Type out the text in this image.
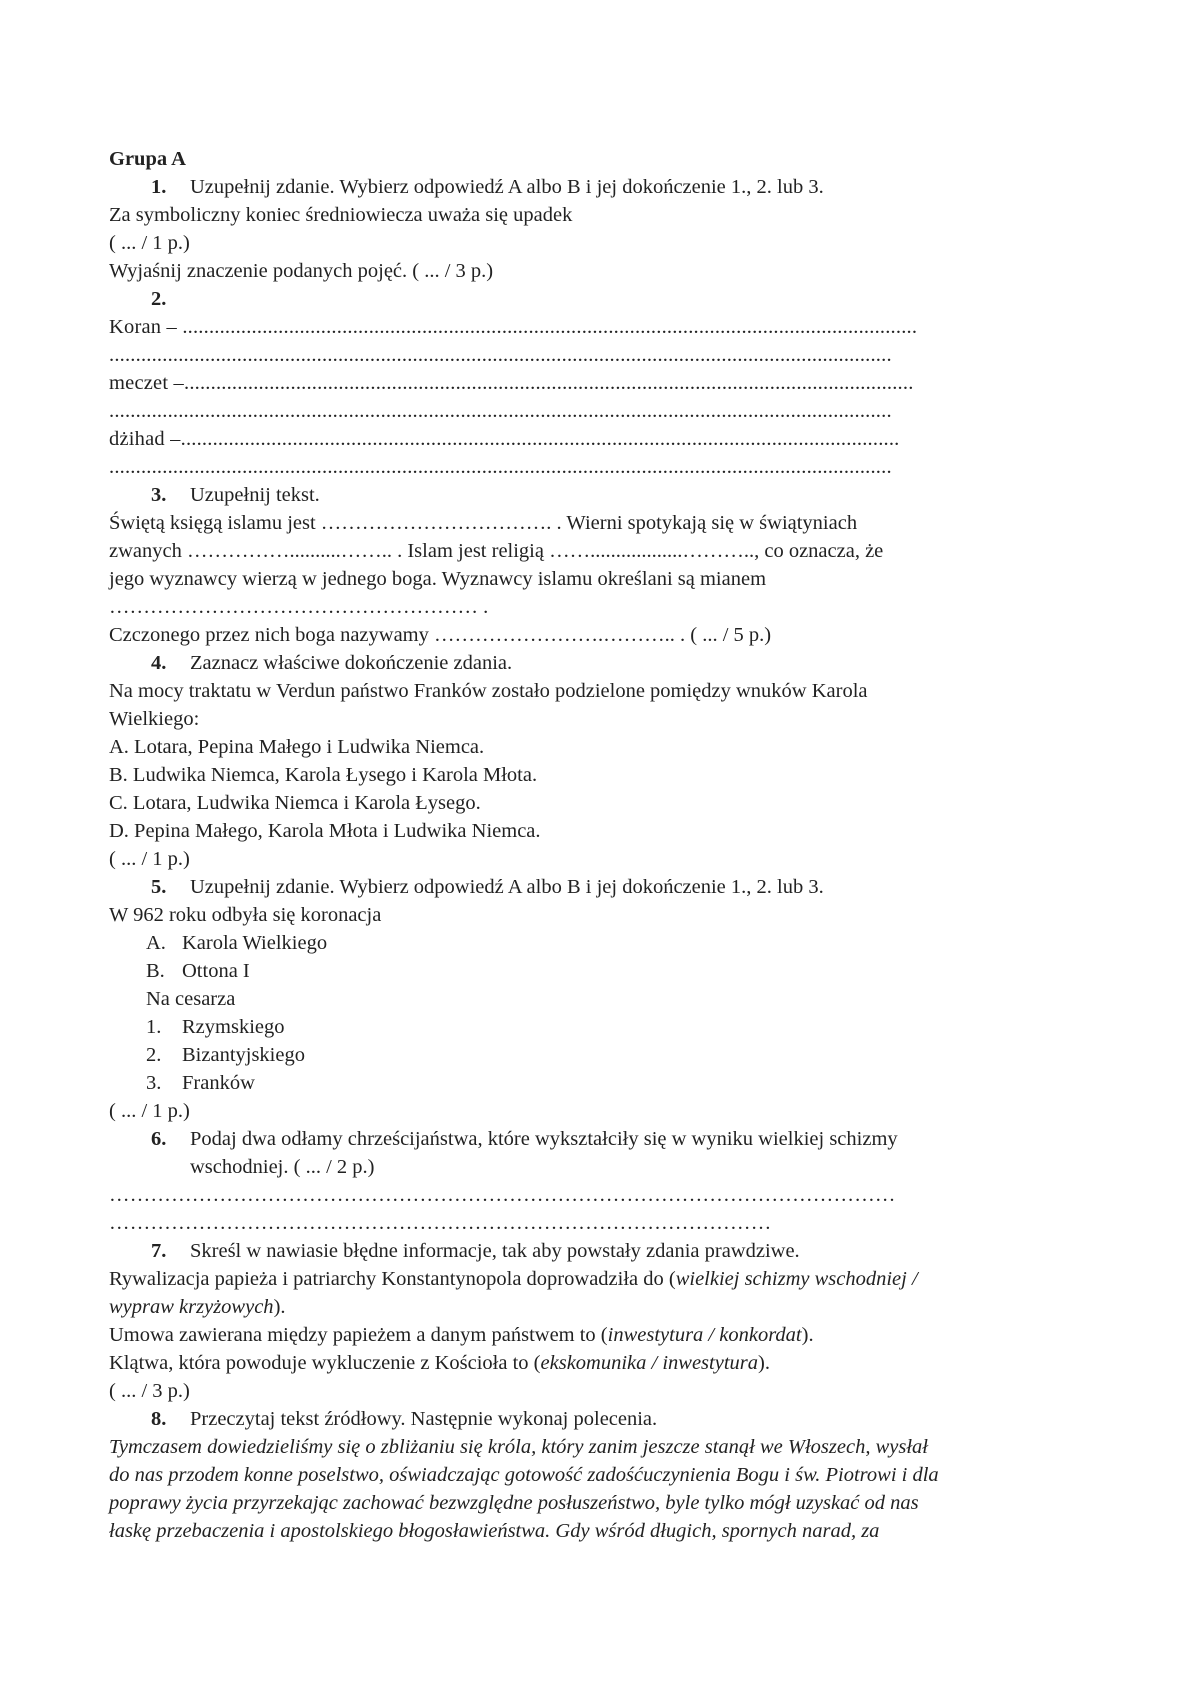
Grupa A
1. Uzupełnij zdanie. Wybierz odpowiedź A albo B i jej dokończenie 1., 2. lub 3.
Za symboliczny koniec średniowiecza uważa się upadek
( ... / 1 p.)
Wyjaśnij znaczenie podanych pojęć. ( ... / 3 p.)
2.
Koran – ..........................................................................................................................................
...................................................................................................................................................
meczet –.........................................................................................................................................
...................................................................................................................................................
dżihad –.......................................................................................................................................
...................................................................................................................................................
3. Uzupełnij tekst.
Świętą księgą islamu jest ……………………………. . Wierni spotykają się w świątyniach
zwanych ……………..........…….. . Islam jest religią ……..................……….., co oznacza, że
jego wyznawcy wierzą w jednego boga. Wyznawcy islamu określani są mianem
……………………………………………… .
Czczonego przez nich boga nazywamy …………………….……….. . ( ... / 5 p.)
4. Zaznacz właściwe dokończenie zdania.
Na mocy traktatu w Verdun państwo Franków zostało podzielone pomiędzy wnuków Karola
Wielkiego:
A. Lotara, Pepina Małego i Ludwika Niemca.
B. Ludwika Niemca, Karola Łysego i Karola Młota.
C. Lotara, Ludwika Niemca i Karola Łysego.
D. Pepina Małego, Karola Młota i Ludwika Niemca.
( ... / 1 p.)
5. Uzupełnij zdanie. Wybierz odpowiedź A albo B i jej dokończenie 1., 2. lub 3.
W 962 roku odbyła się koronacja
A. Karola Wielkiego
B. Ottona I
Na cesarza
1. Rzymskiego
2. Bizantyjskiego
3. Franków
( ... / 1 p.)
6. Podaj dwa odłamy chrześcijaństwa, które wykształciły się w wyniku wielkiej schizmy
wschodniej. ( ... / 2 p.)
……………………………………………………………………………………………………
……………………………………………………………………………………
7. Skreśl w nawiasie błędne informacje, tak aby powstały zdania prawdziwe.
Rywalizacja papieża i patriarchy Konstantynopola doprowadziła do (wielkiej schizmy wschodniej /
wypraw krzyżowych).
Umowa zawierana między papieżem a danym państwem to (inwestytura / konkordat).
Klątwa, która powoduje wykluczenie z Kościoła to (ekskomunika / inwestytura).
( ... / 3 p.)
8. Przeczytaj tekst źródłowy. Następnie wykonaj polecenia.
Tymczasem dowiedzieliśmy się o zbliżaniu się króla, który zanim jeszcze stanął we Włoszech, wysłał
do nas przodem konne poselstwo, oświadczając gotowość zadośćuczynienia Bogu i św. Piotrowi i dla
poprawy życia przyrzekając zachować bezwzględne posłuszeństwo, byle tylko mógł uzyskać od nas
łaskę przebaczenia i apostolskiego błogosławieństwa. Gdy wśród długich, spornych narad, za
